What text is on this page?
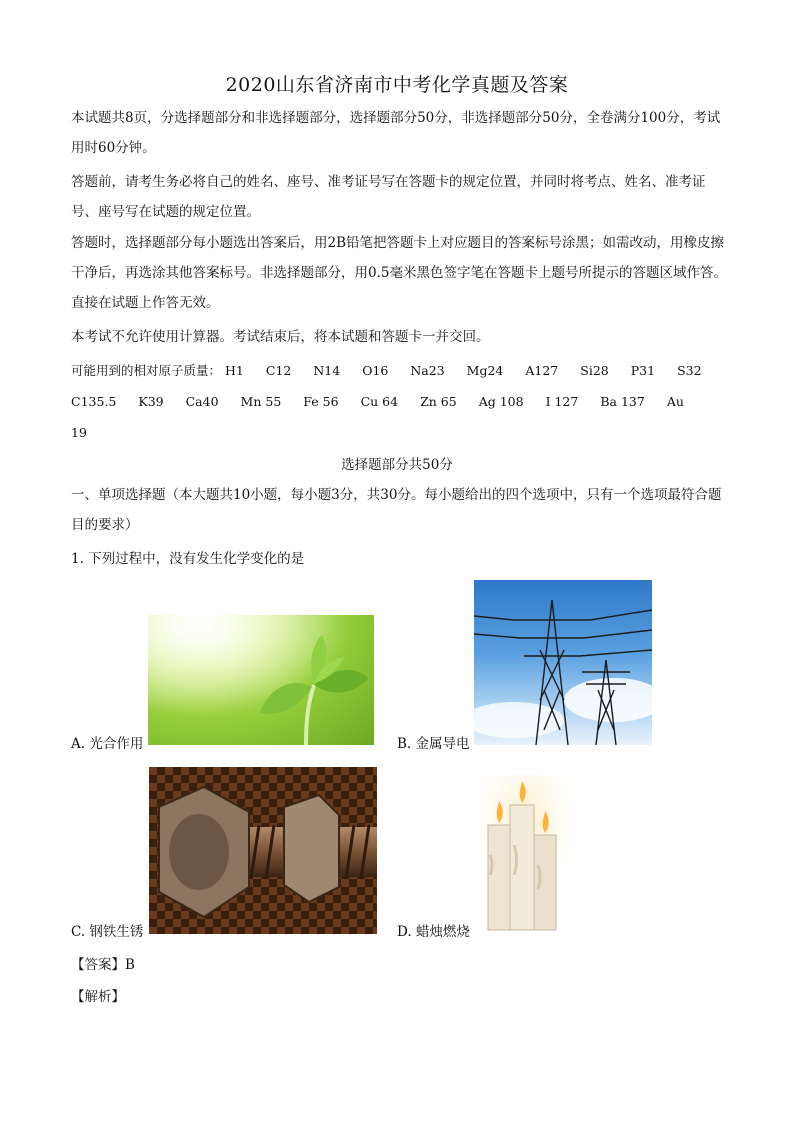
2020山东省济南市中考化学真题及答案
本试题共8页，分选择题部分和非选择题部分，选择题部分50分，非选择题部分50分，全卷满分100分，考试用时60分钟。
答题前，请考生务必将自己的姓名、座号、准考证号写在答题卡的规定位置，并同时将考点、姓名、准考证号、座号写在试题的规定位置。
答题时，选择题部分每小题选出答案后，用2B铅笔把答题卡上对应题目的答案标号涂黑；如需改动，用橡皮擦干净后，再选涂其他答案标号。非选择题部分，用0.5毫米黑色签字笔在答题卡上题号所提示的答题区域作答。直接在试题上作答无效。
本考试不允许使用计算器。考试结束后，将本试题和答题卡一并交回。
可能用到的相对原子质量： H1 C12 N14 O16 Na23 Mg24 A127 Si28 P31 S32
C135.5 K39 Ca40 Mn 55 Fe 56 Cu 64 Zn 65 Ag 108 I 127 Ba 137 Au
19
选择题部分共50分
一、单项选择题（本大题共10小题，每小题3分，共30分。每小题给出的四个选项中，只有一个选项最符合题目的要求）
1. 下列过程中，没有发生化学变化的是
A. 光合作用	B. 金属导电
C. 钢铁生锈	D. 蜡烛燃烧
【答案】B
【解析】
